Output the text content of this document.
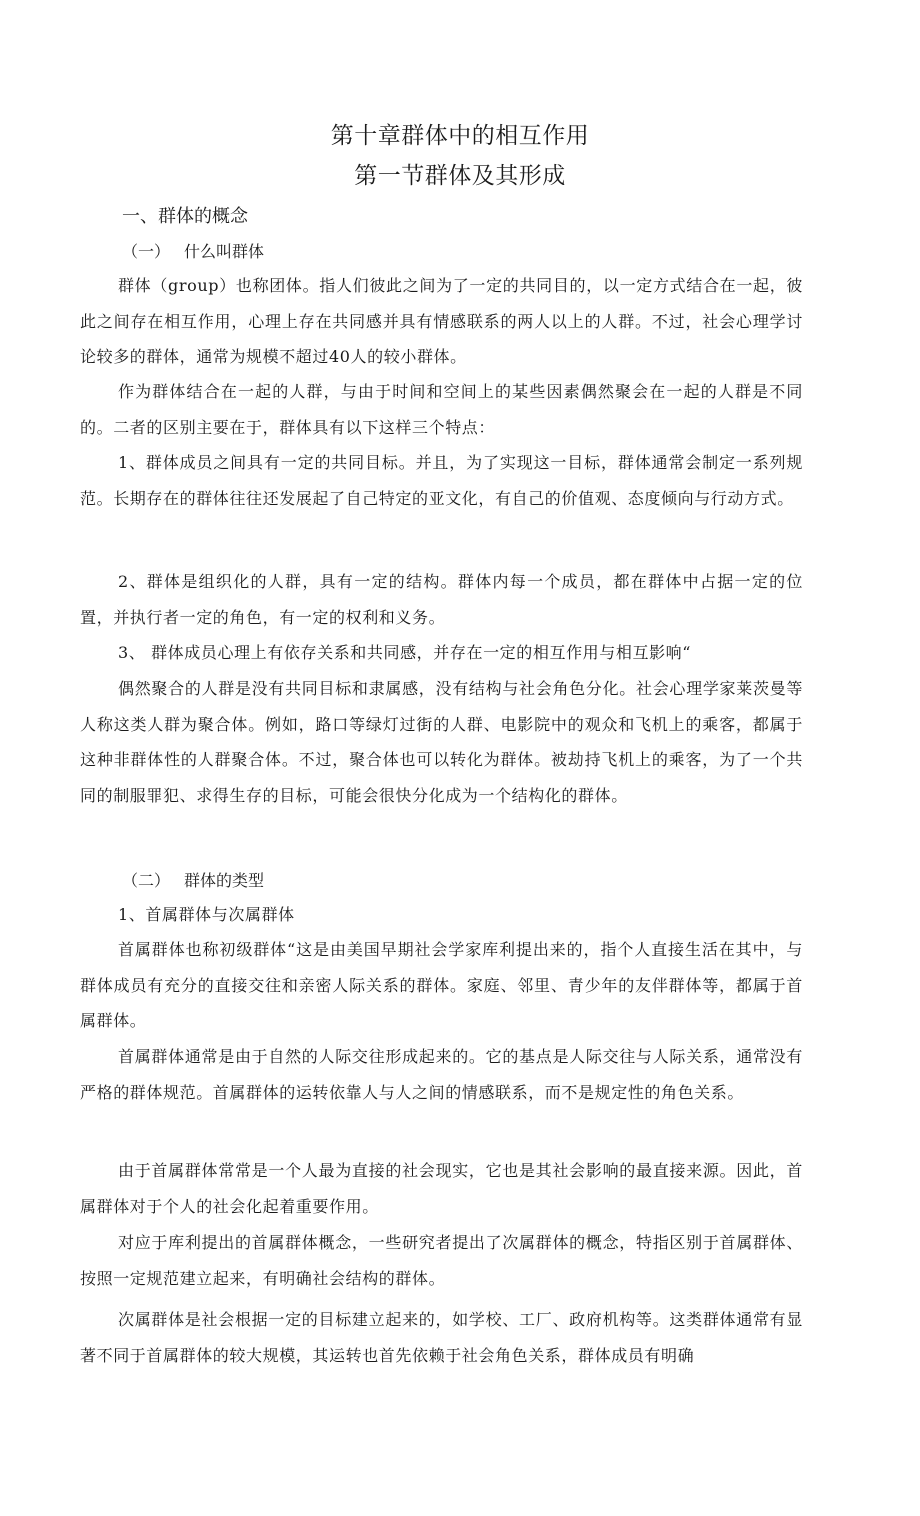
第十章群体中的相互作用
第一节群体及其形成
一、群体的概念
（一） 什么叫群体

群体（group）也称团体。指人们彼此之间为了一定的共同目的，以一定方式结合在一起，彼此之间存在相互作用，心理上存在共同感并具有情感联系的两人以上的人群。不过，社会心理学讨论较多的群体，通常为规模不超过40人的较小群体。

作为群体结合在一起的人群，与由于时间和空间上的某些因素偶然聚会在一起的人群是不同的。二者的区别主要在于，群体具有以下这样三个特点：

1、群体成员之间具有一定的共同目标。并且，为了实现这一目标，群体通常会制定一系列规范。长期存在的群体往往还发展起了自己特定的亚文化，有自己的价值观、态度倾向与行动方式。

2、群体是组织化的人群，具有一定的结构。群体内每一个成员，都在群体中占据一定的位置，并执行者一定的角色，有一定的权利和义务。

3、 群体成员心理上有依存关系和共同感，并存在一定的相互作用与相互影响“

偶然聚合的人群是没有共同目标和隶属感，没有结构与社会角色分化。社会心理学家莱茨曼等人称这类人群为聚合体。例如，路口等绿灯过街的人群、电影院中的观众和飞机上的乘客，都属于这种非群体性的人群聚合体。不过，聚合体也可以转化为群体。被劫持飞机上的乘客，为了一个共同的制服罪犯、求得生存的目标，可能会很快分化成为一个结构化的群体。

（二） 群体的类型
1、首属群体与次属群体

首属群体也称初级群体“这是由美国早期社会学家库利提出来的，指个人直接生活在其中，与群体成员有充分的直接交往和亲密人际关系的群体。家庭、邻里、青少年的友伴群体等，都属于首属群体。

首属群体通常是由于自然的人际交往形成起来的。它的基点是人际交往与人际关系，通常没有严格的群体规范。首属群体的运转依靠人与人之间的情感联系，而不是规定性的角色关系。

由于首属群体常常是一个人最为直接的社会现实，它也是其社会影响的最直接来源。因此，首属群体对于个人的社会化起着重要作用。

对应于库利提出的首属群体概念，一些研究者提出了次属群体的概念，特指区别于首属群体、按照一定规范建立起来，有明确社会结构的群体。

次属群体是社会根据一定的目标建立起来的，如学校、工厂、政府机构等。这类群体通常有显著不同于首属群体的较大规模，其运转也首先依赖于社会角色关系，群体成员有明确
